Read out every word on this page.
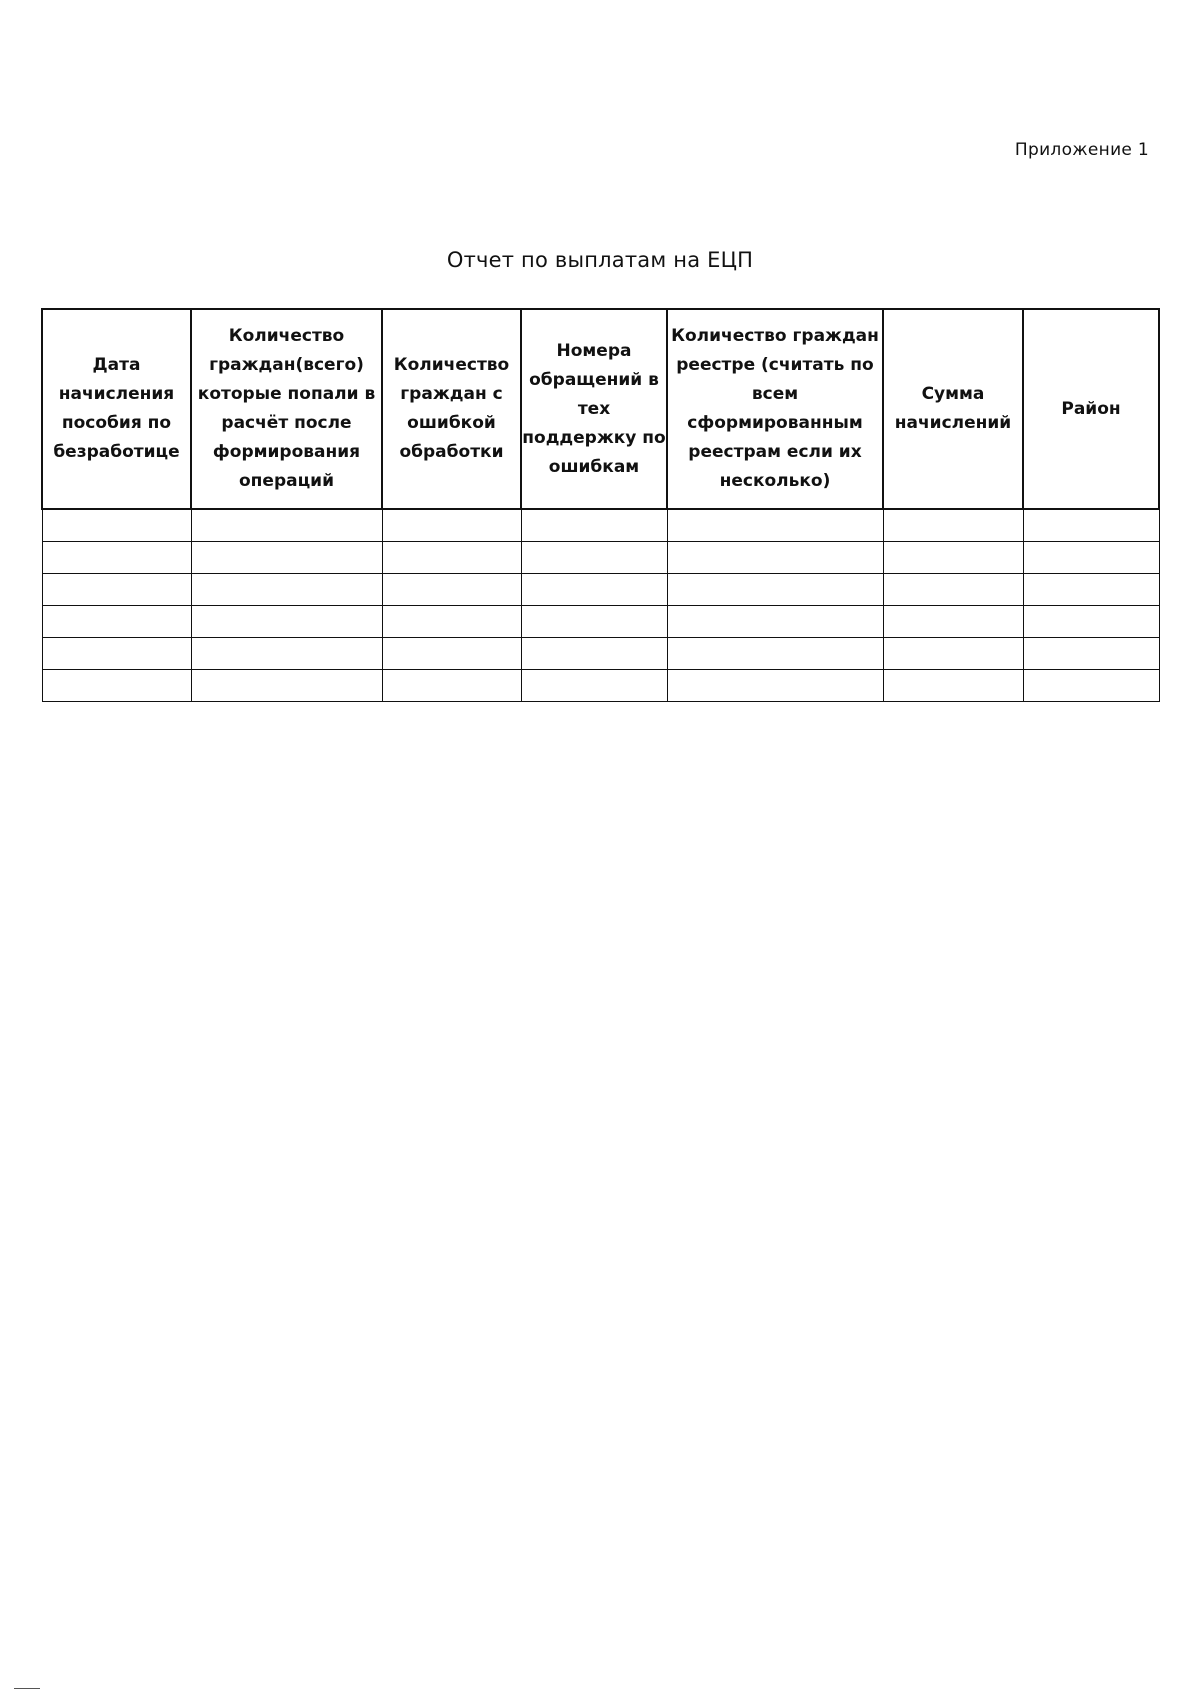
Приложение 1
Отчет по выплатам на ЕЦП
Дата начисления пособия по безработице	Количество граждан(всего) которые попали в расчёт после формирования операций	Количество граждан с ошибкой обработки	Номера обращений в тех поддержку по ошибкам	Количество граждан реестре (считать по всем сформированным реестрам если их несколько)	Сумма начислений	Район
